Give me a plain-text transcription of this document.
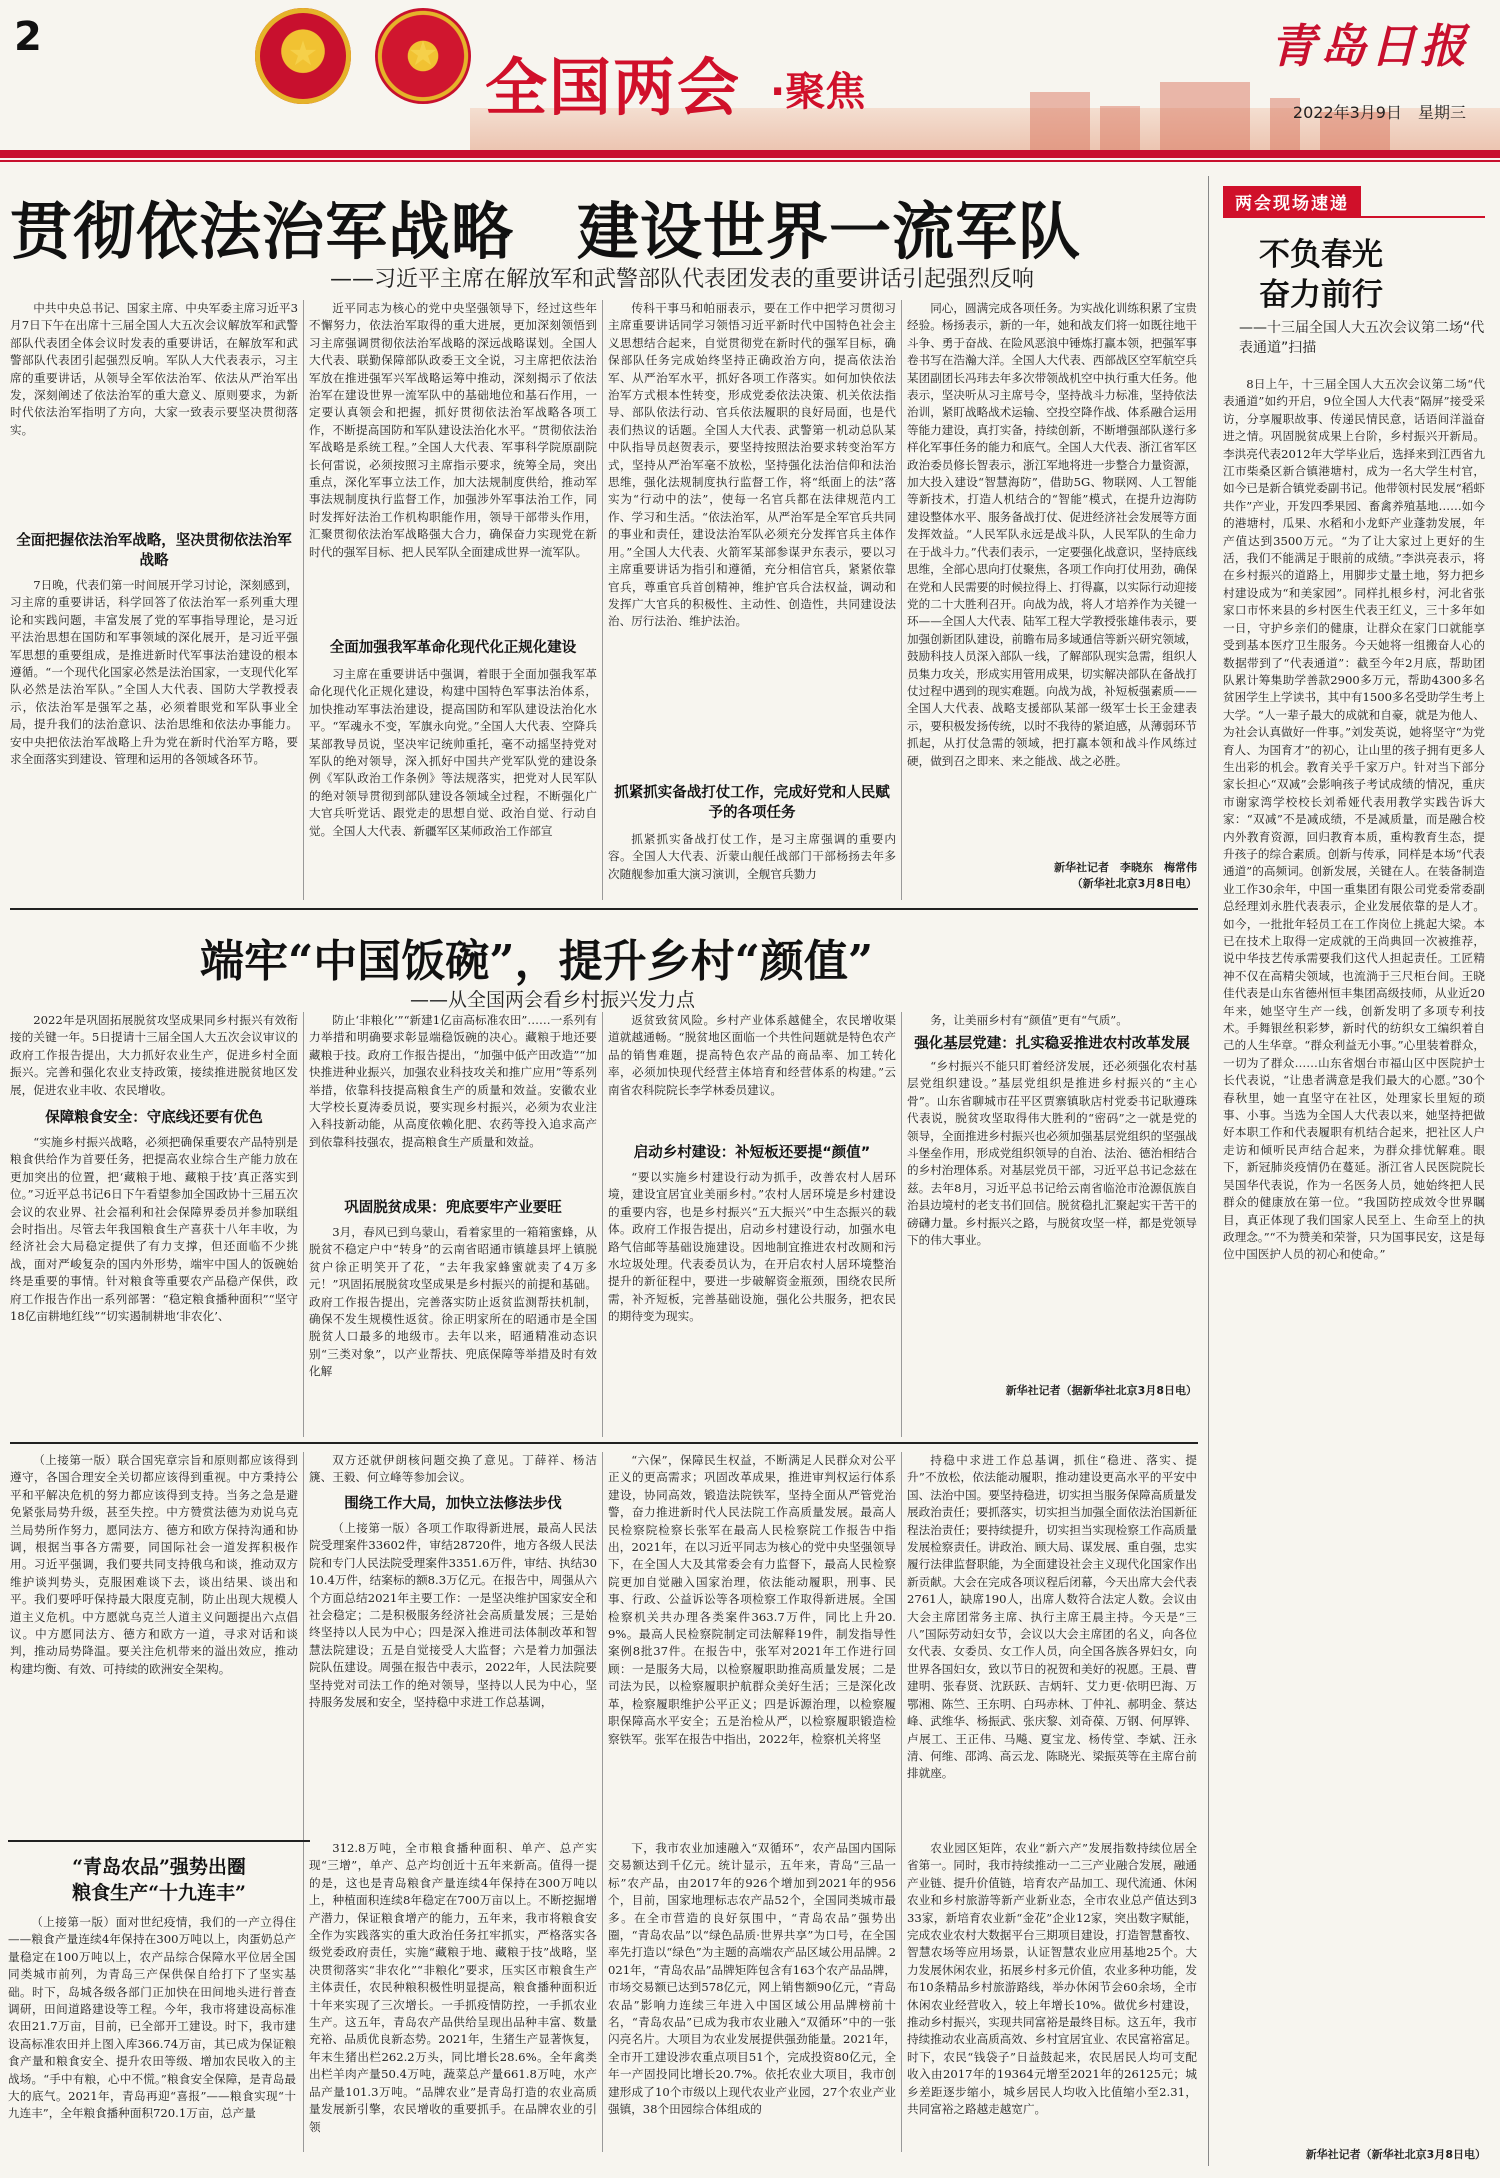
2	★	★ 全国两会 ·聚焦
青岛日报
2022年3月9日　星期三
贯彻依法治军战略　建设世界一流军队
——习近平主席在解放军和武警部队代表团发表的重要讲话引起强烈反响
中共中央总书记、国家主席、中央军委主席习近平3月7日下午在出席十三届全国人大五次会议解放军和武警部队代表团全体会议时发表的重要讲话，在解放军和武警部队代表团引起强烈反响。军队人大代表表示，习主席的重要讲话，从领导全军依法治军、依法从严治军出发，深刻阐述了依法治军的重大意义、原则要求，为新时代依法治军指明了方向，大家一致表示要坚决贯彻落实。
全面把握依法治军战略，坚决贯彻依法治军战略
7日晚，代表们第一时间展开学习讨论，深刻感到，习主席的重要讲话，科学回答了依法治军一系列重大理论和实践问题，丰富发展了党的军事指导理论，是习近平法治思想在国防和军事领域的深化展开，是习近平强军思想的重要组成，是推进新时代军事法治建设的根本遵循。“一个现代化国家必然是法治国家，一支现代化军队必然是法治军队。”全国人大代表、国防大学教授表示，依法治军是强军之基，必须着眼党和军队事业全局，提升我们的法治意识、法治思维和依法办事能力。安中央把依法治军战略上升为党在新时代治军方略，要求全面落实到建设、管理和运用的各领域各环节。
近平同志为核心的党中央坚强领导下，经过这些年不懈努力，依法治军取得的重大进展，更加深刻领悟到习主席强调贯彻依法治军战略的深远战略谋划。全国人大代表、联勤保障部队政委王文全说，习主席把依法治军放在推进强军兴军战略运筹中推动，深刻揭示了依法治军在建设世界一流军队中的基础地位和基石作用，一定要认真领会和把握，抓好贯彻依法治军战略各项工作，不断提高国防和军队建设法治化水平。“贯彻依法治军战略是系统工程。”全国人大代表、军事科学院原副院长何雷说，必须按照习主席指示要求，统筹全局，突出重点，深化军事立法工作，加大法规制度供给，推动军事法规制度执行监督工作，加强涉外军事法治工作，同时发挥好法治工作机构职能作用，领导干部带头作用，汇聚贯彻依法治军战略强大合力，确保奋力实现党在新时代的强军目标、把人民军队全面建成世界一流军队。
全面加强我军革命化现代化正规化建设
习主席在重要讲话中强调，着眼于全面加强我军革命化现代化正规化建设，构建中国特色军事法治体系，加快推动军事法治建设，提高国防和军队建设法治化水平。“军魂永不变，军旗永向党。”全国人大代表、空降兵某部教导员说，坚决牢记统帅重托，毫不动摇坚持党对军队的绝对领导，深入抓好中国共产党军队党的建设条例《军队政治工作条例》等法规落实，把党对人民军队的绝对领导贯彻到部队建设各领域全过程，不断强化广大官兵听党话、跟党走的思想自觉、政治自觉、行动自觉。全国人大代表、新疆军区某师政治工作部宣
传科干事马和帕丽表示，要在工作中把学习贯彻习主席重要讲话同学习领悟习近平新时代中国特色社会主义思想结合起来，自觉贯彻党在新时代的强军目标，确保部队任务完成始终坚持正确政治方向，提高依法治军、从严治军水平，抓好各项工作落实。如何加快依法治军方式根本性转变，形成党委依法决策、机关依法指导、部队依法行动、官兵依法履职的良好局面，也是代表们热议的话题。全国人大代表、武警第一机动总队某中队指导员赵贺表示，要坚持按照法治要求转变治军方式，坚持从严治军毫不放松，坚持强化法治信仰和法治思维，强化法规制度执行监督工作，将“纸面上的法”落实为“行动中的法”，使每一名官兵都在法律规范内工作、学习和生活。“依法治军，从严治军是全军官兵共同的事业和责任，建设法治军队必须充分发挥官兵主体作用。”全国人大代表、火箭军某部参谋尹东表示，要以习主席重要讲话为指引和遵循，充分相信官兵，紧紧依靠官兵，尊重官兵首创精神，维护官兵合法权益，调动和发挥广大官兵的积极性、主动性、创造性，共同建设法治、厉行法治、维护法治。
抓紧抓实备战打仗工作，完成好党和人民赋予的各项任务
抓紧抓实备战打仗工作，是习主席强调的重要内容。全国人大代表、沂蒙山舰任战部门干部杨扬去年多次随舰参加重大演习演训，全舰官兵勠力
同心，圆满完成各项任务。为实战化训练积累了宝贵经验。杨扬表示，新的一年，她和战友们将一如既往地干斗争、勇于奋战、在险风恶浪中锤炼打赢本领，把强军事卷书写在浩瀚大洋。全国人大代表、西部战区空军航空兵某团副团长冯玮去年多次带领战机空中执行重大任务。他表示，坚决听从习主席号令，坚持战斗力标准，坚持依法治训，紧盯战略战术运输、空投空降作战、体系融合运用等能力建设，真打实备，持续创新，不断增强部队遂行多样化军事任务的能力和底气。全国人大代表、浙江省军区政治委员修长智表示，浙江军地将进一步整合力量资源，加大投入建设“智慧海防”，借助5G、物联网、人工智能等新技术，打造人机结合的“智能”模式，在提升边海防建设整体水平、服务备战打仗、促进经济社会发展等方面发挥效益。“人民军队永远是战斗队，人民军队的生命力在于战斗力。”代表们表示，一定要强化战意识，坚持底线思维，全部心思向打仗聚焦，各项工作向打仗用劲，确保在党和人民需要的时候拉得上、打得赢，以实际行动迎接党的二十大胜利召开。向战为战，将人才培养作为关键一环——全国人大代表、陆军工程大学教授张雄伟表示，要加强创新团队建设，前瞻布局多域通信等新兴研究领域，鼓励科技人员深入部队一线，了解部队现实急需，组织人员集力攻关，形成实用管用成果，切实解决部队在备战打仗过程中遇到的现实难题。向战为战，补短板强素质——全国人大代表、战略支援部队某部一级军士长王金建表示，要积极发扬传统，以时不我待的紧迫感，从薄弱环节抓起，从打仗急需的领域，把打赢本领和战斗作风练过硬，做到召之即来、来之能战、战之必胜。
新华社记者　李晓东　梅常伟
（新华社北京3月8日电）
端牢“中国饭碗”，提升乡村“颜值”
——从全国两会看乡村振兴发力点
2022年是巩固拓展脱贫攻坚成果同乡村振兴有效衔接的关键一年。5日提请十三届全国人大五次会议审议的政府工作报告提出，大力抓好农业生产，促进乡村全面振兴。完善和强化农业支持政策，接续推进脱贫地区发展，促进农业丰收、农民增收。
保障粮食安全：守底线还要有优色
“实施乡村振兴战略，必须把确保重要农产品特别是粮食供给作为首要任务，把提高农业综合生产能力放在更加突出的位置，把‘藏粮于地、藏粮于技’真正落实到位。”习近平总书记6日下午看望参加全国政协十三届五次会议的农业界、社会福利和社会保障界委员并参加联组会时指出。尽管去年我国粮食生产喜获十八年丰收，为经济社会大局稳定提供了有力支撑，但还面临不少挑战，面对严峻复杂的国内外形势，端牢中国人的饭碗始终是重要的事情。针对粮食等重要农产品稳产保供，政府工作报告作出一系列部署：“稳定粮食播种面积”“坚守18亿亩耕地红线”“切实遏制耕地‘非农化’、
防止‘非粮化’”“新建1亿亩高标准农田”……一系列有力举措和明确要求彰显端稳饭碗的决心。藏粮于地还要藏粮于技。政府工作报告提出，“加强中低产田改造”“加快推进种业振兴，加强农业科技攻关和推广应用”等系列举措，依靠科技提高粮食生产的质量和效益。安徽农业大学校长夏涛委员说，要实现乡村振兴，必须为农业注入科技新动能，从高度依赖化肥、农药等投入追求高产到依靠科技强农，提高粮食生产质量和效益。
巩固脱贫成果：兜底要牢产业要旺
3月，春风已到乌蒙山，看着家里的一箱箱蜜蜂，从脱贫不稳定户中“转身”的云南省昭通市镇雄县坪上镇脱贫户徐正明笑开了花，“去年我家蜂蜜就卖了4万多元！”巩固拓展脱贫攻坚成果是乡村振兴的前提和基础。政府工作报告提出，完善落实防止返贫监测帮扶机制，确保不发生规模性返贫。徐正明家所在的昭通市是全国脱贫人口最多的地级市。去年以来，昭通精准动态识别“三类对象”，以产业帮扶、兜底保障等举措及时有效化解
返贫致贫风险。乡村产业体系越健全，农民增收渠道就越通畅。“脱贫地区面临一个共性问题就是特色农产品的销售难题，提高特色农产品的商品率、加工转化率，必须加快现代经营主体培育和经营体系的构建。”云南省农科院院长李学林委员建议。
启动乡村建设：补短板还要提“颜值”
“要以实施乡村建设行动为抓手，改善农村人居环境，建设宜居宜业美丽乡村。”农村人居环境是乡村建设的重要内容，也是乡村振兴“五大振兴”中生态振兴的载体。政府工作报告提出，启动乡村建设行动，加强水电路气信邮等基础设施建设。因地制宜推进农村改厕和污水垃圾处理。代表委员认为，在开启农村人居环境整治提升的新征程中，要进一步破解资金瓶颈，围绕农民所需，补齐短板，完善基础设施，强化公共服务，把农民的期待变为现实。
务，让美丽乡村有“颜值”更有“气质”。
强化基层党建：扎实稳妥推进农村改革发展
“乡村振兴不能只盯着经济发展，还必须强化农村基层党组织建设。”基层党组织是推进乡村振兴的“主心骨”。山东省聊城市茌平区贾寨镇耿店村党委书记耿遵珠代表说，脱贫攻坚取得伟大胜利的“密码”之一就是党的领导，全面推进乡村振兴也必须加强基层党组织的坚强战斗堡垒作用，形成党组织领导的自治、法治、德治相结合的乡村治理体系。对基层党员干部，习近平总书记念兹在兹。去年8月，习近平总书记给云南省临沧市沧源佤族自治县边境村的老支书们回信。脱贫稳扎汇聚起实干苦干的磅礴力量。乡村振兴之路，与脱贫攻坚一样，都是党领导下的伟大事业。
新华社记者（据新华社北京3月8日电）
（上接第一版）联合国宪章宗旨和原则都应该得到遵守，各国合理安全关切都应该得到重视。中方秉持公平和平解决危机的努力都应该得到支持。当务之急是避免紧张局势升级，甚至失控。中方赞赏法德为劝说乌克兰局势所作努力，愿同法方、德方和欧方保持沟通和协调，根据当事各方需要，同国际社会一道发挥积极作用。习近平强调，我们要共同支持俄乌和谈，推动双方维护谈判势头，克服困难谈下去，谈出结果、谈出和平。我们要呼吁保持最大限度克制，防止出现大规模人道主义危机。中方愿就乌克兰人道主义问题提出六点倡议。中方愿同法方、德方和欧方一道，寻求对话和谈判，推动局势降温。要关注危机带来的溢出效应，推动构建均衡、有效、可持续的欧洲安全架构。
双方还就伊朗核问题交换了意见。丁薛祥、杨洁篪、王毅、何立峰等参加会议。
围绕工作大局，加快立法修法步伐
（上接第一版）各项工作取得新进展，最高人民法院受理案件33602件，审结28720件，地方各级人民法院和专门人民法院受理案件3351.6万件，审结、执结3010.4万件，结案标的额8.3万亿元。在报告中，周强从六个方面总结2021年主要工作：一是坚决维护国家安全和社会稳定；二是积极服务经济社会高质量发展；三是始终坚持以人民为中心；四是深入推进司法体制改革和智慧法院建设；五是自觉接受人大监督；六是着力加强法院队伍建设。周强在报告中表示，2022年，人民法院要坚持党对司法工作的绝对领导，坚持以人民为中心，坚持服务发展和安全，坚持稳中求进工作总基调，
“六保”，保障民生权益，不断满足人民群众对公平正义的更高需求；巩固改革成果，推进审判权运行体系建设，协同高效，锻造法院铁军，坚持全面从严管党治警，奋力推进新时代人民法院工作高质量发展。最高人民检察院检察长张军在最高人民检察院工作报告中指出，2021年，在以习近平同志为核心的党中央坚强领导下，在全国人大及其常委会有力监督下，最高人民检察院更加自觉融入国家治理，依法能动履职，刑事、民事、行政、公益诉讼等各项检察工作取得新进展。全国检察机关共办理各类案件363.7万件，同比上升20.9%。最高人民检察院制定司法解释19件，制发指导性案例8批37件。在报告中，张军对2021年工作进行回顾：一是服务大局，以检察履职助推高质量发展；二是司法为民，以检察履职护航群众美好生活；三是深化改革，检察履职维护公平正义；四是诉源治理，以检察履职保障高水平安全；五是治检从严，以检察履职锻造检察铁军。张军在报告中指出，2022年，检察机关将坚
持稳中求进工作总基调，抓住“稳进、落实、提升”不放松，依法能动履职，推动建设更高水平的平安中国、法治中国。要坚持稳进，切实担当服务保障高质量发展政治责任；要抓落实，切实担当加强全面依法治国新征程法治责任；要持续提升，切实担当实现检察工作高质量发展检察责任。讲政治、顾大局、谋发展、重自强，忠实履行法律监督职能，为全面建设社会主义现代化国家作出新贡献。大会在完成各项议程后闭幕，今天出席大会代表2761人，缺席190人，出席人数符合法定人数。会议由大会主席团常务主席、执行主席王晨主持。今天是“三八”国际劳动妇女节，会议以大会主席团的名义，向各位女代表、女委员、女工作人员，向全国各族各界妇女，向世界各国妇女，致以节日的祝贺和美好的祝愿。王晨、曹建明、张春贤、沈跃跃、吉炳轩、艾力更·依明巴海、万鄂湘、陈竺、王东明、白玛赤林、丁仲礼、郝明金、蔡达峰、武维华、杨振武、张庆黎、刘奇葆、万钢、何厚铧、卢展工、王正伟、马飚、夏宝龙、杨传堂、李斌、汪永清、何维、邵鸿、高云龙、陈晓光、梁振英等在主席台前排就座。
“青岛农品”强势出圈
粮食生产“十九连丰”
（上接第一版）面对世纪疫情，我们的一产立得住——粮食产量连续4年保持在300万吨以上，肉蛋奶总产量稳定在100万吨以上，农产品综合保障水平位居全国同类城市前列，为青岛三产保供保自给打下了坚实基础。时下，岛城各级各部门正加快在田间地头进行普查调研，田间道路建设等工程。今年，我市将建设高标准农田21.7万亩，目前，已全部开工建设。时下，我市建设高标准农田并上图入库366.74万亩，其已成为保证粮食产量和粮食安全、提升农田等级、增加农民收入的主战场。“手中有粮，心中不慌。”粮食安全保障，是青岛最大的底气。2021年，青岛再迎“喜报”——粮食实现“十九连丰”，全年粮食播种面积720.1万亩，总产量
312.8万吨，全市粮食播种面积、单产、总产实现“三增”，单产、总产均创近十五年来新高。值得一提的是，这也是青岛粮食产量连续4年保持在300万吨以上，种植面积连续8年稳定在700万亩以上。不断挖掘增产潜力，保证粮食增产的能力，五年来，我市将粮食安全作为实践落实的重大政治任务扛牢抓实，严格落实各级党委政府责任，实施“藏粮于地、藏粮于技”战略，坚决贯彻落实“非农化”“非粮化”要求，压实区市粮食生产主体责任，农民种粮积极性明显提高，粮食播种面积近十年来实现了三次增长。一手抓疫情防控，一手抓农业生产。这五年，青岛农产品供给呈现出品种丰富、数量充裕、品质优良新态势。2021年，生猪生产显著恢复，年末生猪出栏262.2万头，同比增长28.6%。全年禽类出栏羊肉产量50.4万吨，蔬菜总产量661.8万吨，水产品产量101.3万吨。“品牌农业”是青岛打造的农业高质量发展新引擎，农民增收的重要抓手。在品牌农业的引领
下，我市农业加速融入“双循环”，农产品国内国际交易额达到千亿元。统计显示，五年来，青岛“三品一标”农产品，由2017年的926个增加到2021年的956个，目前，国家地理标志农产品52个，全国同类城市最多。在全市营造的良好氛围中，“青岛农品”强势出圈，“青岛农品”以“绿色品质·世界共享”为口号，在全国率先打造以“绿色”为主题的高端农产品区域公用品牌。2021年，“青岛农品”品牌矩阵包含有163个农产品品牌，市场交易额已达到578亿元，网上销售额90亿元，“青岛农品”影响力连续三年进入中国区域公用品牌榜前十名，“青岛农品”已成为我市农业融入“双循环”中的一张闪亮名片。大项目为农业发展提供强劲能量。2021年，全市开工建设涉农重点项目51个，完成投资80亿元，全年一产固投同比增长20.7%。依托农业大项目，我市创建形成了10个市级以上现代农业产业园，27个农业产业强镇，38个田园综合体组成的
农业园区矩阵，农业“新六产”发展指数持续位居全省第一。同时，我市持续推动一二三产业融合发展，融通产业链、提升价值链，培育农产品加工、现代流通、休闲农业和乡村旅游等新产业新业态，全市农业总产值达到333家，新培育农业新“金花”企业12家，突出数字赋能，完成农业农村大数据平台三期项目建设，打造智慧畜牧、智慧农场等应用场景，认证智慧农业应用基地25个。大力发展休闲农业，拓展乡村多元价值，农业多种功能，发布10条精品乡村旅游路线，举办休闲节会60余场，全市休闲农业经营收入，较上年增长10%。做优乡村建设，推动乡村振兴，实现共同富裕是最终目标。这五年，我市持续推动农业高质高效、乡村宜居宜业、农民富裕富足。时下，农民“钱袋子”日益鼓起来，农民居民人均可支配收入由2017年的19364元增至2021年的26125元；城乡差距逐步缩小，城乡居民人均收入比值缩小至2.31，共同富裕之路越走越宽广。
两会现场速递
不负春光
奋力前行
——十三届全国人大五次会议第二场“代表通道”扫描
8日上午，十三届全国人大五次会议第二场“代表通道”如约开启，9位全国人大代表“隔屏”接受采访，分享履职故事、传递民情民意，话语间洋溢奋进之情。巩固脱贫成果上台阶，乡村振兴开新局。李洪亮代表2012年大学毕业后，选择来到江西省九江市柴桑区新合镇港塘村，成为一名大学生村官，如今已是新合镇党委副书记。他带领村民发展“稻虾共作”产业，开发四季果园、畜禽养殖基地……如今的港塘村，瓜果、水稻和小龙虾产业蓬勃发展，年产值达到3500万元。“为了让大家过上更好的生活，我们不能满足于眼前的成绩。”李洪亮表示，将在乡村振兴的道路上，用脚步丈量土地，努力把乡村建设成为“和美家园”。同样扎根乡村，河北省张家口市怀来县的乡村医生代表王红义，三十多年如一日，守护乡亲们的健康，让群众在家门口就能享受到基本医疗卫生服务。今天她将一组搬奋人心的数据带到了“代表通道”：截至今年2月底，帮助团队累计筹集助学善款2900多万元，帮助4300多名贫困学生上学读书，其中有1500多名受助学生考上大学。“人一辈子最大的成就和自豪，就是为他人、为社会认真做好一件事。”刘发英说，她将坚守“为党育人、为国育才”的初心，让山里的孩子拥有更多人生出彩的机会。教育关乎千家万户。针对当下部分家长担心“双减”会影响孩子考试成绩的情况，重庆市谢家湾学校校长刘希娅代表用教学实践告诉大家：“双减”不是减成绩，不是减质量，而是融合校内外教育资源，回归教育本质，重构教育生态，提升孩子的综合素质。创新与传承，同样是本场“代表通道”的高频词。创新发展，关键在人。在装备制造业工作30余年，中国一重集团有限公司党委常委副总经理刘永胜代表表示，企业发展依靠的是人才。如今，一批批年轻员工在工作岗位上挑起大梁。本已在技术上取得一定成就的王尚典回一次被推荐，说中华技艺传承需要我们这代人担起责任。工匠精神不仅在高精尖领域，也流淌于三尺柜台间。王晓佳代表是山东省德州恒丰集团高级技师，从业近20年来，她坚守生产一线，创新发明了多项专利技术。手舞银丝积彩梦，新时代的纺织女工编织着自己的人生华章。“群众利益无小事。”心里装着群众，一切为了群众……山东省烟台市福山区中医院护士长代表说，“让患者满意是我们最大的心愿。”30个春秋里，她一直坚守在社区，处理家长里短的琐事、小事。当选为全国人大代表以来，她坚持把做好本职工作和代表履职有机结合起来，把社区人户走访和倾听民声结合起来，为群众排忧解难。眼下，新冠肺炎疫情仍在蔓延。浙江省人民医院院长吴国华代表说，作为一名医务人员，她始终把人民群众的健康放在第一位。“我国防控成效令世界瞩目，真正体现了我们国家人民至上、生命至上的执政理念。”“不为赞美和荣誉，只为国事民安，这是每位中国医护人员的初心和使命。”
新华社记者（新华社北京3月8日电）
